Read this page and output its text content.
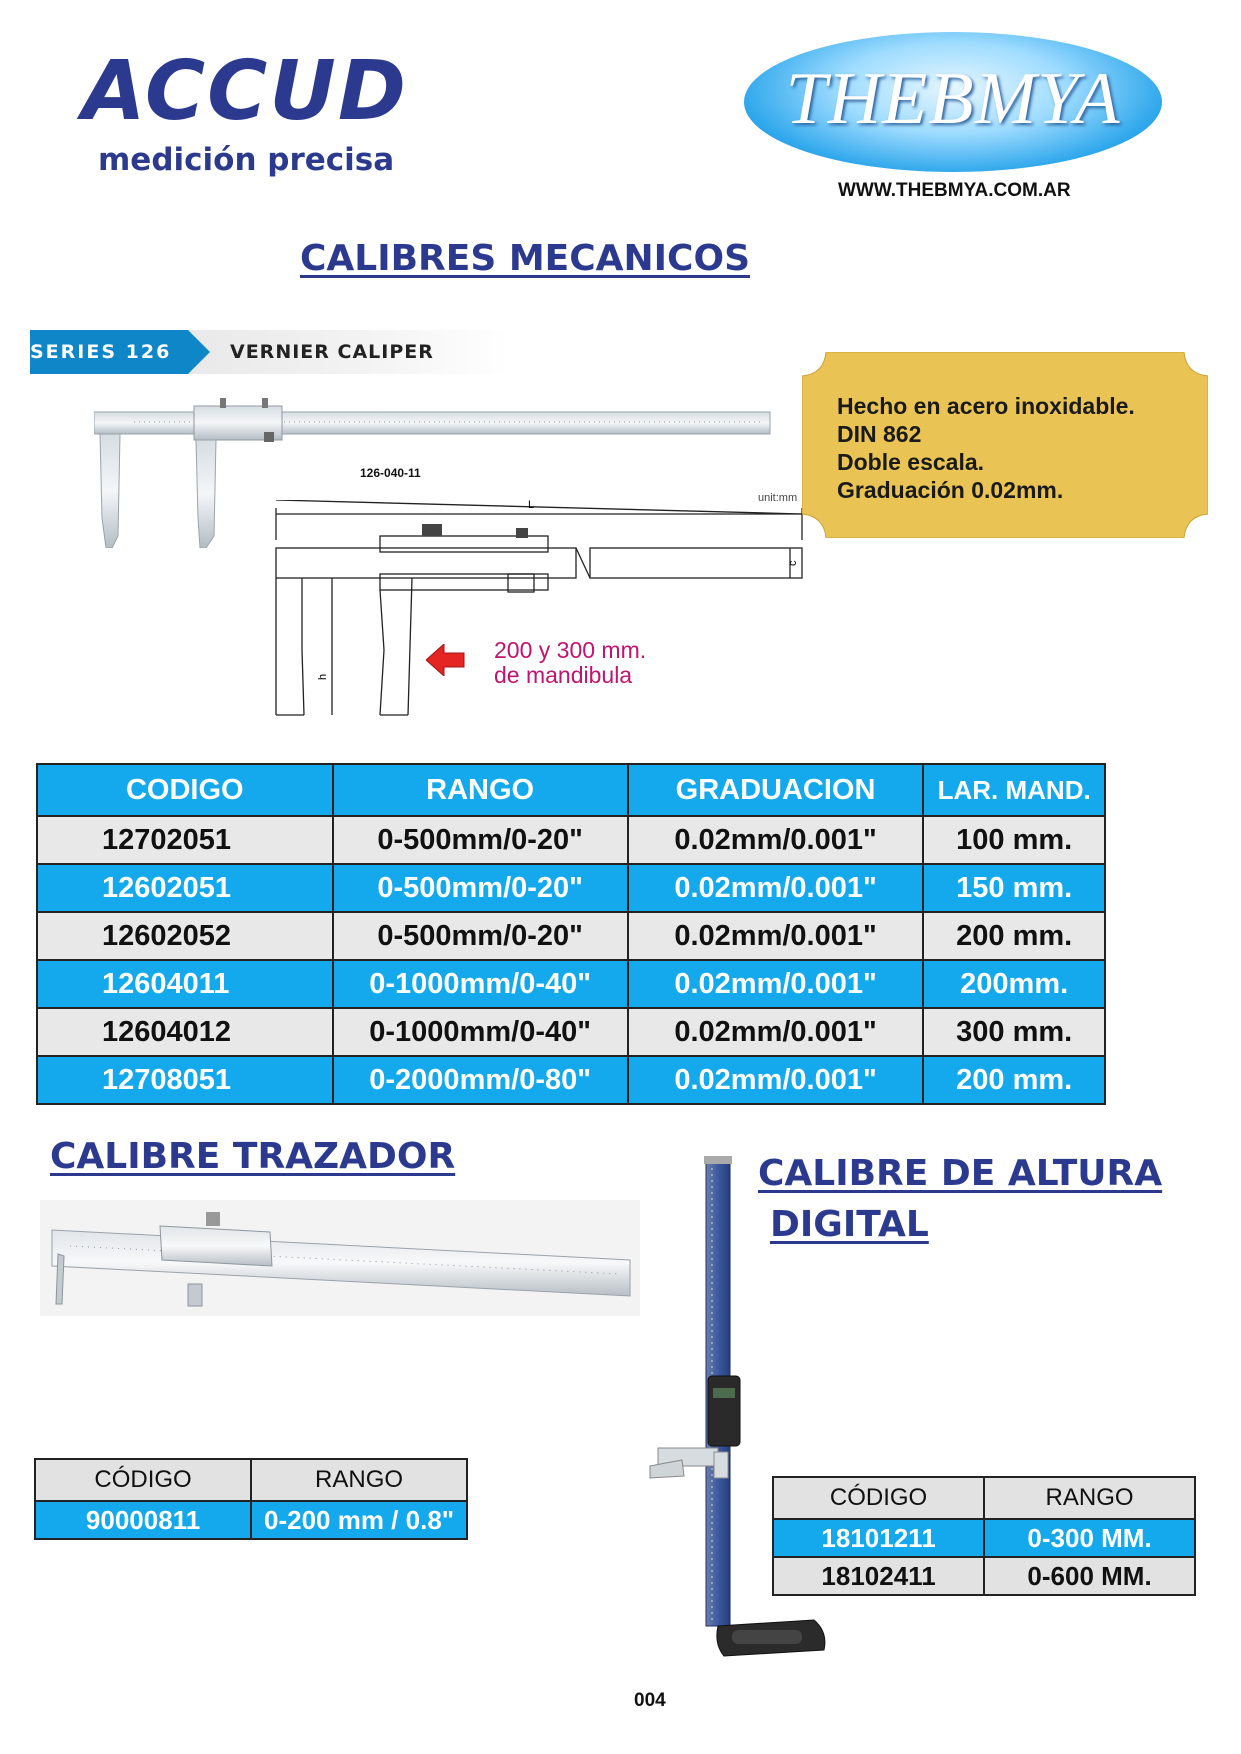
ACCUD
medición precisa
THEBMYA
WWW.THEBMYA.COM.AR
CALIBRES MECANICOS
SERIES 126	VERNIER CALIPER
126-040-11
unit:mm
L
h
c
200 y 300 mm.
de mandibula
Hecho en acero inoxidable.
DIN 862
Doble escala.
Graduación 0.02mm.
CODIGO	RANGO	GRADUACION	LAR. MAND.
12702051	0-500mm/0-20"	0.02mm/0.001"	100 mm.
12602051	0-500mm/0-20"	0.02mm/0.001"	150 mm.
12602052	0-500mm/0-20"	0.02mm/0.001"	200 mm.
12604011	0-1000mm/0-40"	0.02mm/0.001"	200mm.
12604012	0-1000mm/0-40"	0.02mm/0.001"	300 mm.
12708051	0-2000mm/0-80"	0.02mm/0.001"	200 mm.
CALIBRE TRAZADOR
CÓDIGO	RANGO
90000811	0-200 mm / 0.8"
CALIBRE DE ALTURA
DIGITAL
CÓDIGO	RANGO
18101211	0-300 MM.
18102411	0-600 MM.
004
